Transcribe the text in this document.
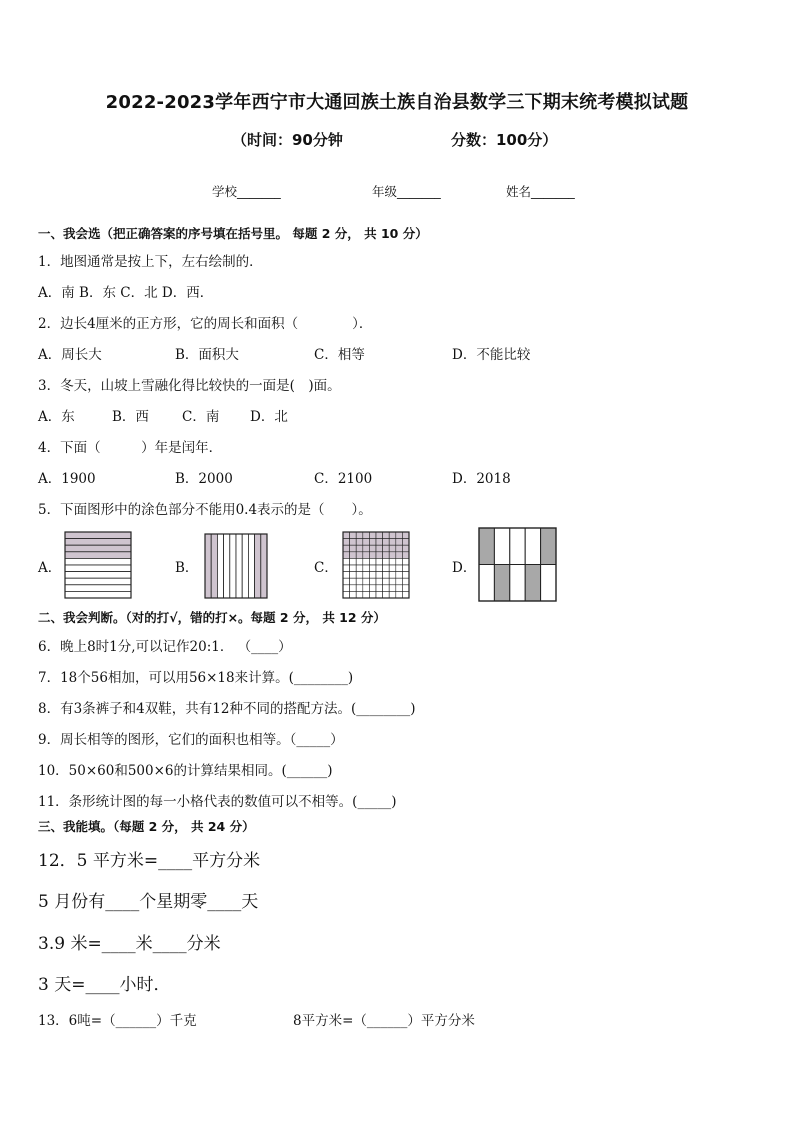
2022-2023学年西宁市大通回族土族自治县数学三下期末统考模拟试题
（时间：90分钟	分数：100分）
学校_______	年级_______	姓名_______
一、我会选（把正确答案的序号填在括号里。 每题 2 分， 共 10 分）
1．地图通常是按上下，左右绘制的．
A．南 B．东 C．北 D．西．
2．边长4厘米的正方形，它的周长和面积（　　　　）．
A．周长大	B．面积大	C．相等	D．不能比较
3．冬天，山坡上雪融化得比较快的一面是(　)面。
A．东	B．西 C．南 D．北
4．下面（　　　）年是闰年．
A．1900	B．2000	C．2100	D．2018
5．下面图形中的涂色部分不能用0.4表示的是（　　）。
A．	B．	C．	D．
二、我会判断。（对的打√，错的打×。每题 2 分， 共 12 分）
6．晚上8时1分,可以记作20:1． （____）
7．18个56相加，可以用56×18来计算。(________)
8．有3条裤子和4双鞋，共有12种不同的搭配方法。(________)
9．周长相等的图形，它们的面积也相等。（_____）
10．50×60和500×6的计算结果相同。(______)
11．条形统计图的每一小格代表的数值可以不相等。(_____)
三、我能填。（每题 2 分， 共 24 分）
12．5 平方米=____平方分米
5 月份有____个星期零____天
3.9 米=____米____分米
3 天=____小时．
13．6吨=（______）千克	8平方米=（______）平方分米
